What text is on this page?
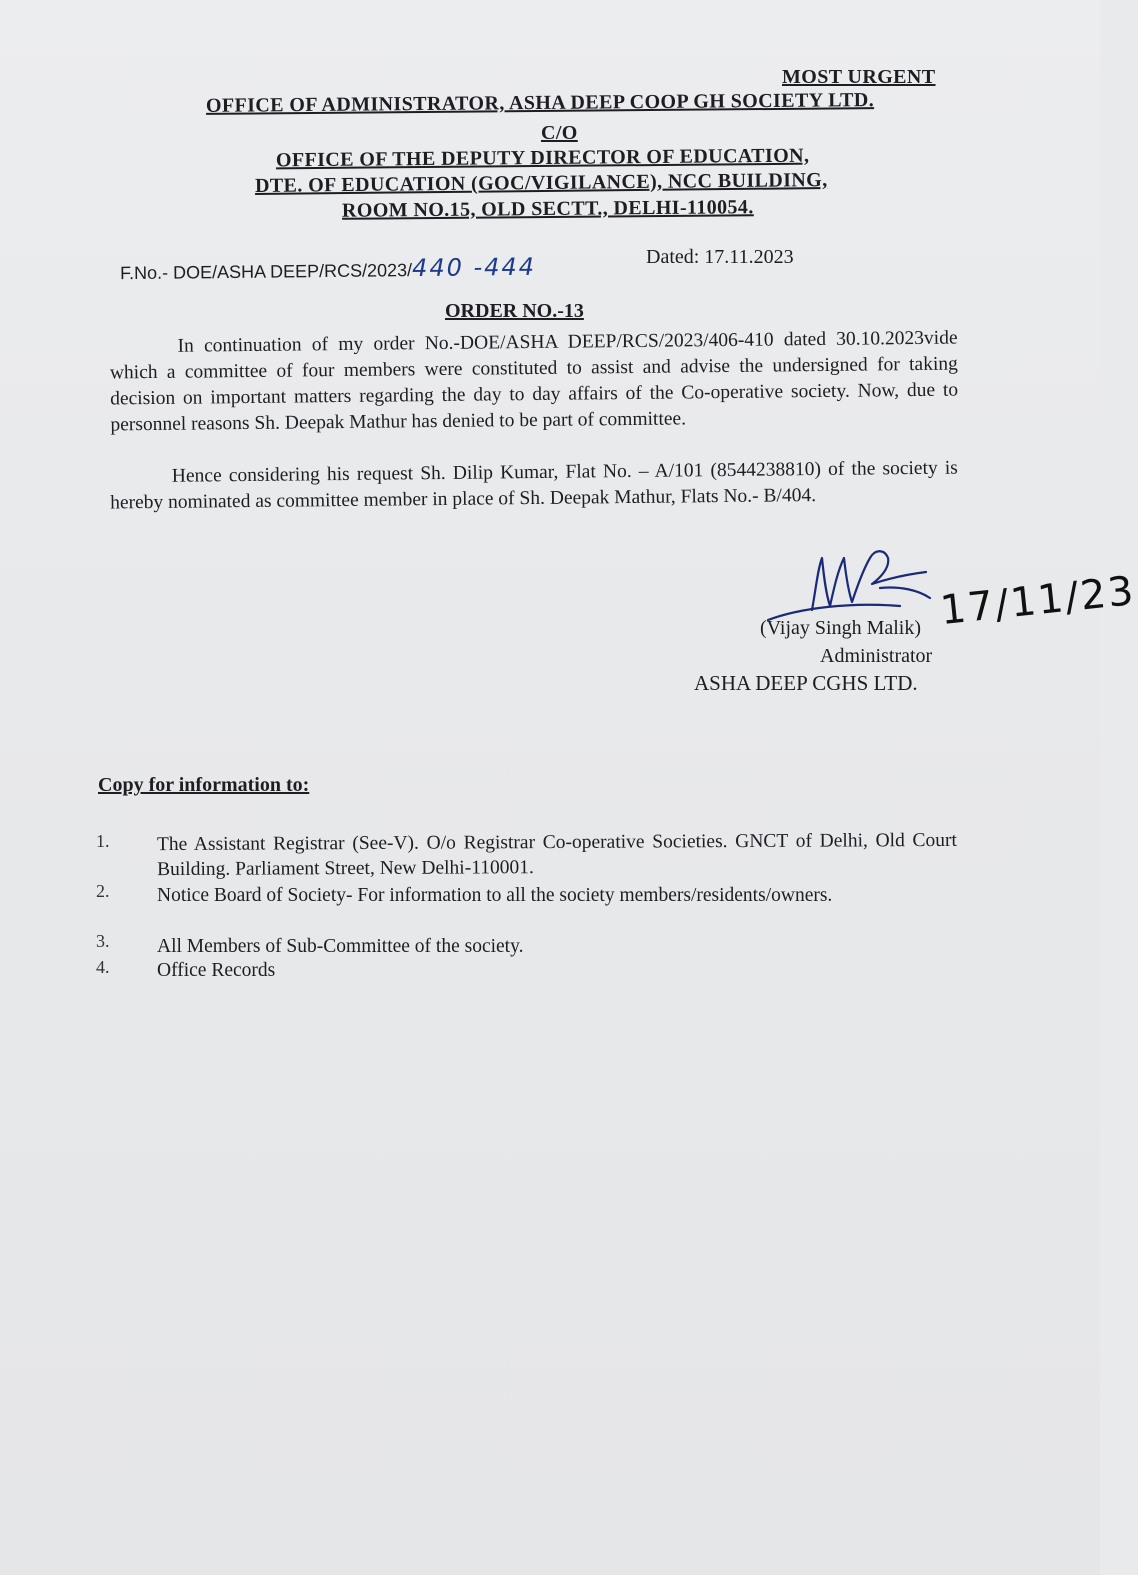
MOST URGENT
OFFICE OF ADMINISTRATOR, ASHA DEEP COOP GH SOCIETY LTD.
C/O
OFFICE OF THE DEPUTY DIRECTOR OF EDUCATION,
DTE. OF EDUCATION (GOC/VIGILANCE), NCC BUILDING,
ROOM NO.15, OLD SECTT., DELHI-110054.
F.No.- DOE/ASHA DEEP/RCS/2023/440 -444	Dated: 17.11.2023
ORDER NO.-13
In continuation of my order No.-DOE/ASHA DEEP/RCS/2023/406-410 dated 30.10.2023vide which a committee of four members were constituted to assist and advise the undersigned for taking decision on important matters regarding the day to day affairs of the Co-operative society. Now, due to personnel reasons Sh. Deepak Mathur has denied to be part of committee.
Hence considering his request Sh. Dilip Kumar, Flat No. – A/101 (8544238810) of the society is hereby nominated as committee member in place of Sh. Deepak Mathur, Flats No.- B/404.
17/11/23
(Vijay Singh Malik)
Administrator
ASHA DEEP CGHS LTD.
Copy for information to:
1. The Assistant Registrar (See-V). O/o Registrar Co-operative Societies. GNCT of Delhi, Old Court Building. Parliament Street, New Delhi-110001.
2. Notice Board of Society- For information to all the society members/residents/owners.
3. All Members of Sub-Committee of the society.
4. Office Records
